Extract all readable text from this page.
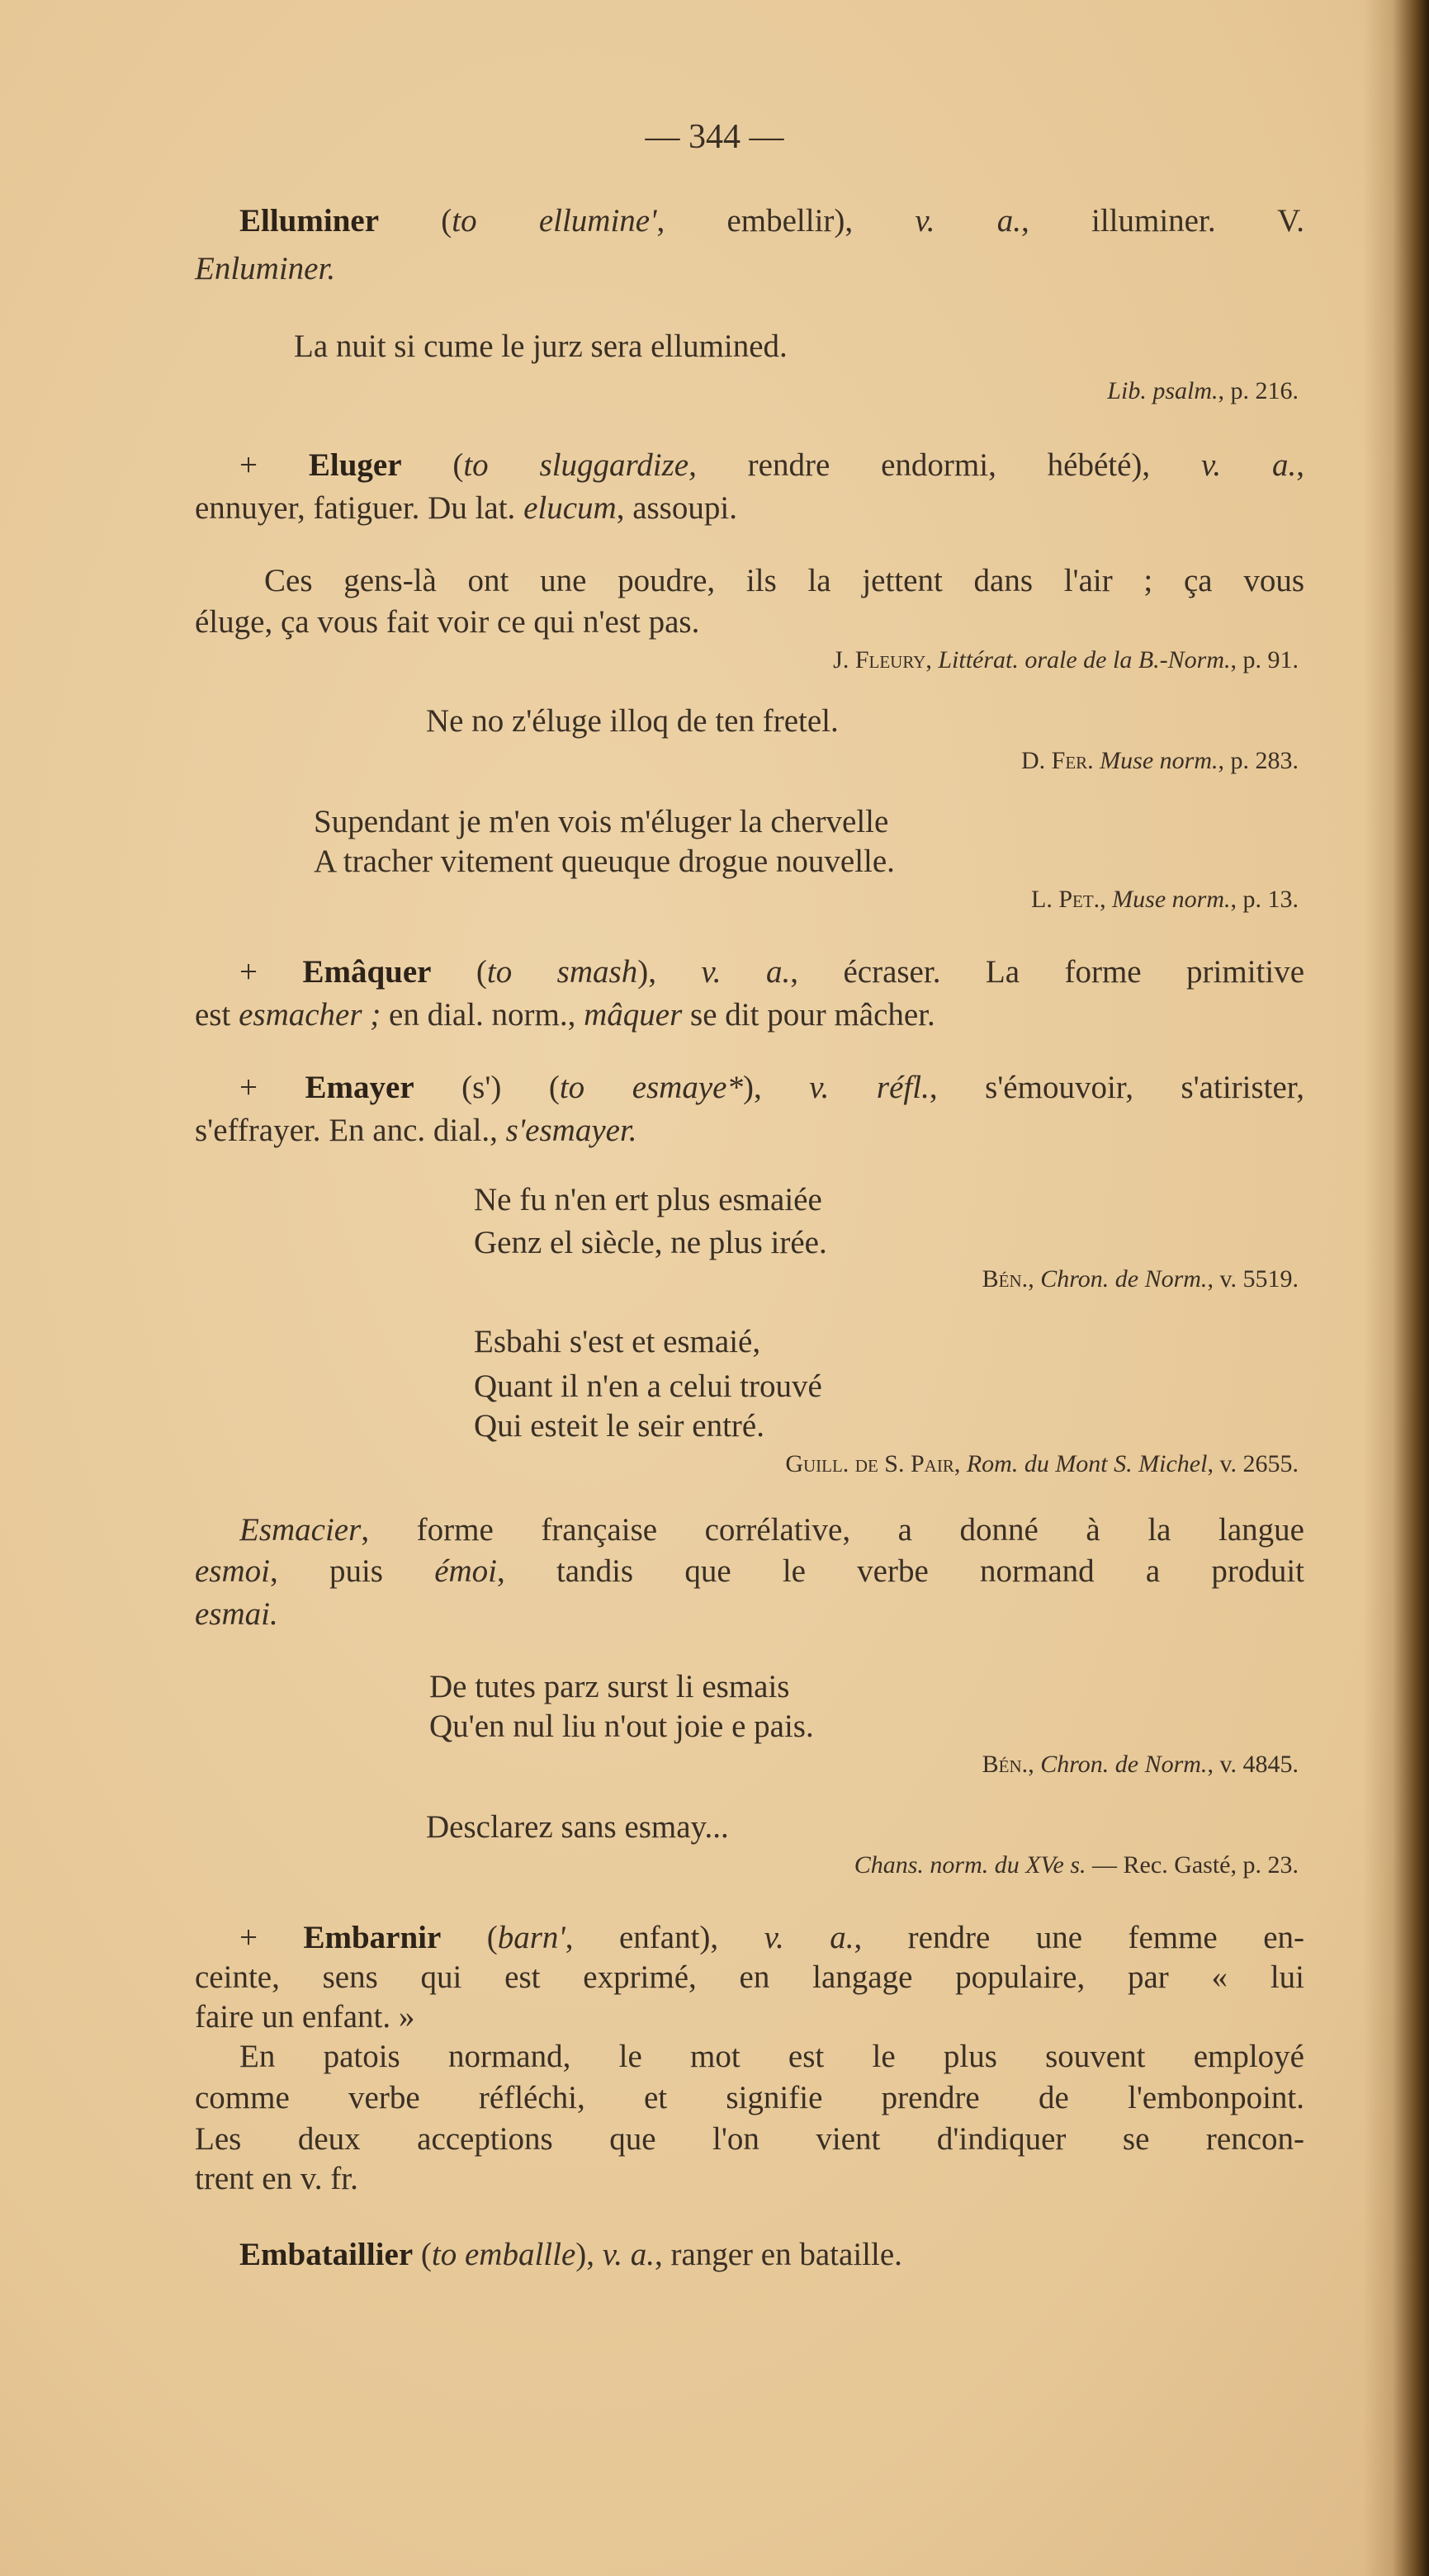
— 344 —
Elluminer (to ellumine', embellir), v. a., illuminer. V.
Enluminer.
La nuit si cume le jurz sera ellumined.
Lib. psalm., p. 216.
+ Eluger (to sluggardize, rendre endormi, hébété), v. a.,
ennuyer, fatiguer. Du lat. elucum, assoupi.
Ces gens-là ont une poudre, ils la jettent dans l'air ; ça vous
éluge, ça vous fait voir ce qui n'est pas.
J. Fleury, Littérat. orale de la B.-Norm., p. 91.
Ne no z'éluge illoq de ten fretel.
D. Fer. Muse norm., p. 283.
Supendant je m'en vois m'éluger la chervelle
A tracher vitement queuque drogue nouvelle.
L. Pet., Muse norm., p. 13.
+ Emâquer (to smash), v. a., écraser. La forme primitive
est esmacher ; en dial. norm., mâquer se dit pour mâcher.
+ Emayer (s') (to esmaye*), v. réfl., s'émouvoir, s'atirister,
s'effrayer. En anc. dial., s'esmayer.
Ne fu n'en ert plus esmaiée
Genz el siècle, ne plus irée.
Bén., Chron. de Norm., v. 5519.
Esbahi s'est et esmaié,
Quant il n'en a celui trouvé
Qui esteit le seir entré.
Guill. de S. Pair, Rom. du Mont S. Michel, v. 2655.
Esmacier, forme française corrélative, a donné à la langue
esmoi, puis émoi, tandis que le verbe normand a produit
esmai.
De tutes parz surst li esmais
Qu'en nul liu n'out joie e pais.
Bén., Chron. de Norm., v. 4845.
Desclarez sans esmay...
Chans. norm. du XVe s. — Rec. Gasté, p. 23.
+ Embarnir (barn', enfant), v. a., rendre une femme en-
ceinte, sens qui est exprimé, en langage populaire, par « lui
faire un enfant. »
En patois normand, le mot est le plus souvent employé
comme verbe réfléchi, et signifie prendre de l'embonpoint.
Les deux acceptions que l'on vient d'indiquer se rencon-
trent en v. fr.
Embataillier (to emballle), v. a., ranger en bataille.
